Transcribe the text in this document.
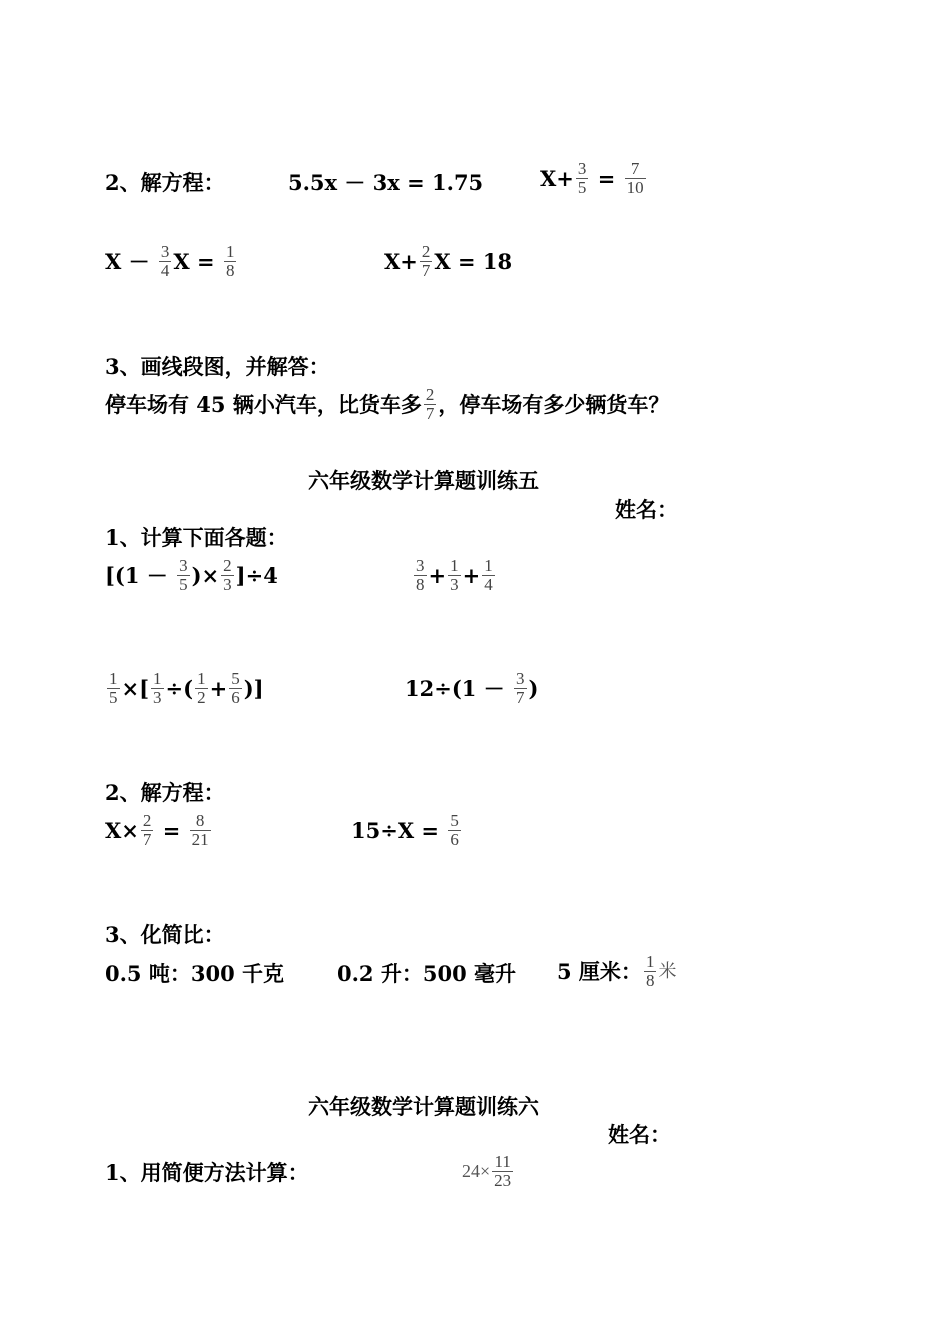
2、解方程：	5.5x － 3x = 1.75	$X+ \frac{3}{5} = \frac{7}{10}$
$X - \frac{3}{4}$ $X = \frac{1}{8}$	$X+ \frac{2}{7}$ X = 18
3、画线段图，并解答：
停车场有 45 辆小汽车，比货车多 $\frac{2}{7}$ ，停车场有多少辆货车？
六年级数学计算题训练五
姓名：
1、计算下面各题：
[($1 - \frac{3}{5}$ )× $\frac{2}{3} ]\div 4$	$\frac{3}{8} + \frac{1}{3} + \frac{1}{4}$
$\frac{1}{5}$ ×[ $\frac{1}{3}$ ÷( $\frac{1}{2} + \frac{5}{6}$ )]	$12\div(1 - \frac{3}{7}$ )
2、解方程：
$X\times \frac{2}{7} = \frac{8}{21}$	$15\div X = \frac{5}{6}$
3、化简比：
0.5 吨：300 千克	0.2 升：500 毫升 5 厘米： $\frac{1}{8}$ 米
六年级数学计算题训练六
姓名：
1、用简便方法计算：	$24\times \frac{11}{23}$
